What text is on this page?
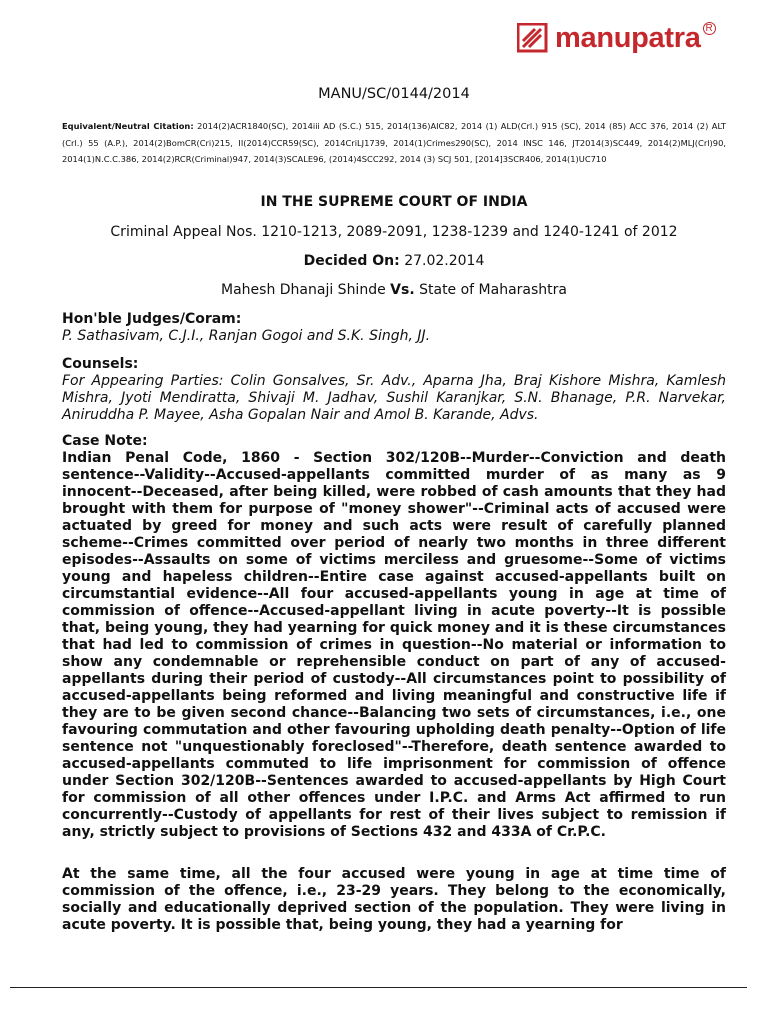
manupatra R
MANU/SC/0144/2014
Equivalent/Neutral Citation: 2014(2)ACR1840(SC), 2014iii AD (S.C.) 515, 2014(136)AIC82, 2014 (1) ALD(Crl.) 915 (SC), 2014 (85) ACC 376, 2014 (2) ALT (Crl.) 55 (A.P.), 2014(2)BomCR(Cri)215, II(2014)CCR59(SC), 2014CriLJ1739, 2014(1)Crimes290(SC), 2014 INSC 146, JT2014(3)SC449, 2014(2)MLJ(Crl)90, 2014(1)N.C.C.386, 2014(2)RCR(Criminal)947, 2014(3)SCALE96, (2014)4SCC292, 2014 (3) SCJ 501, [2014]3SCR406, 2014(1)UC710
IN THE SUPREME COURT OF INDIA
Criminal Appeal Nos. 1210-1213, 2089-2091, 1238-1239 and 1240-1241 of 2012
Decided On: 27.02.2014
Mahesh Dhanaji Shinde Vs. State of Maharashtra
Hon'ble Judges/Coram:
P. Sathasivam, C.J.I., Ranjan Gogoi and S.K. Singh, JJ.
Counsels:
For Appearing Parties: Colin Gonsalves, Sr. Adv., Aparna Jha, Braj Kishore Mishra, Kamlesh Mishra, Jyoti Mendiratta, Shivaji M. Jadhav, Sushil Karanjkar, S.N. Bhanage, P.R. Narvekar, Aniruddha P. Mayee, Asha Gopalan Nair and Amol B. Karande, Advs.
Case Note:

Indian Penal Code, 1860 - Section 302/120B--Murder--Conviction and death sentence--Validity--Accused-appellants committed murder of as many as 9 innocent--Deceased, after being killed, were robbed of cash amounts that they had brought with them for purpose of "money shower"--Criminal acts of accused were actuated by greed for money and such acts were result of carefully planned scheme--Crimes committed over period of nearly two months in three different episodes--Assaults on some of victims merciless and gruesome--Some of victims young and hapeless children--Entire case against accused-appellants built on circumstantial evidence--All four accused-appellants young in age at time of commission of offence--Accused-appellant living in acute poverty--It is possible that, being young, they had yearning for quick money and it is these circumstances that had led to commission of crimes in question--No material or information to show any condemnable or reprehensible conduct on part of any of accused-appellants during their period of custody--All circumstances point to possibility of accused-appellants being reformed and living meaningful and constructive life if they are to be given second chance--Balancing two sets of circumstances, i.e., one favouring commutation and other favouring upholding death penalty--Option of life sentence not "unquestionably foreclosed"--Therefore, death sentence awarded to accused-appellants commuted to life imprisonment for commission of offence under Section 302/120B--Sentences awarded to accused-appellants by High Court for commission of all other offences under I.P.C. and Arms Act affirmed to run concurrently--Custody of appellants for rest of their lives subject to remission if any, strictly subject to provisions of Sections 432 and 433A of Cr.P.C.

At the same time, all the four accused were young in age at time time of commission of the offence, i.e., 23-29 years. They belong to the economically, socially and educationally deprived section of the population. They were living in acute poverty. It is possible that, being young, they had a yearning for
